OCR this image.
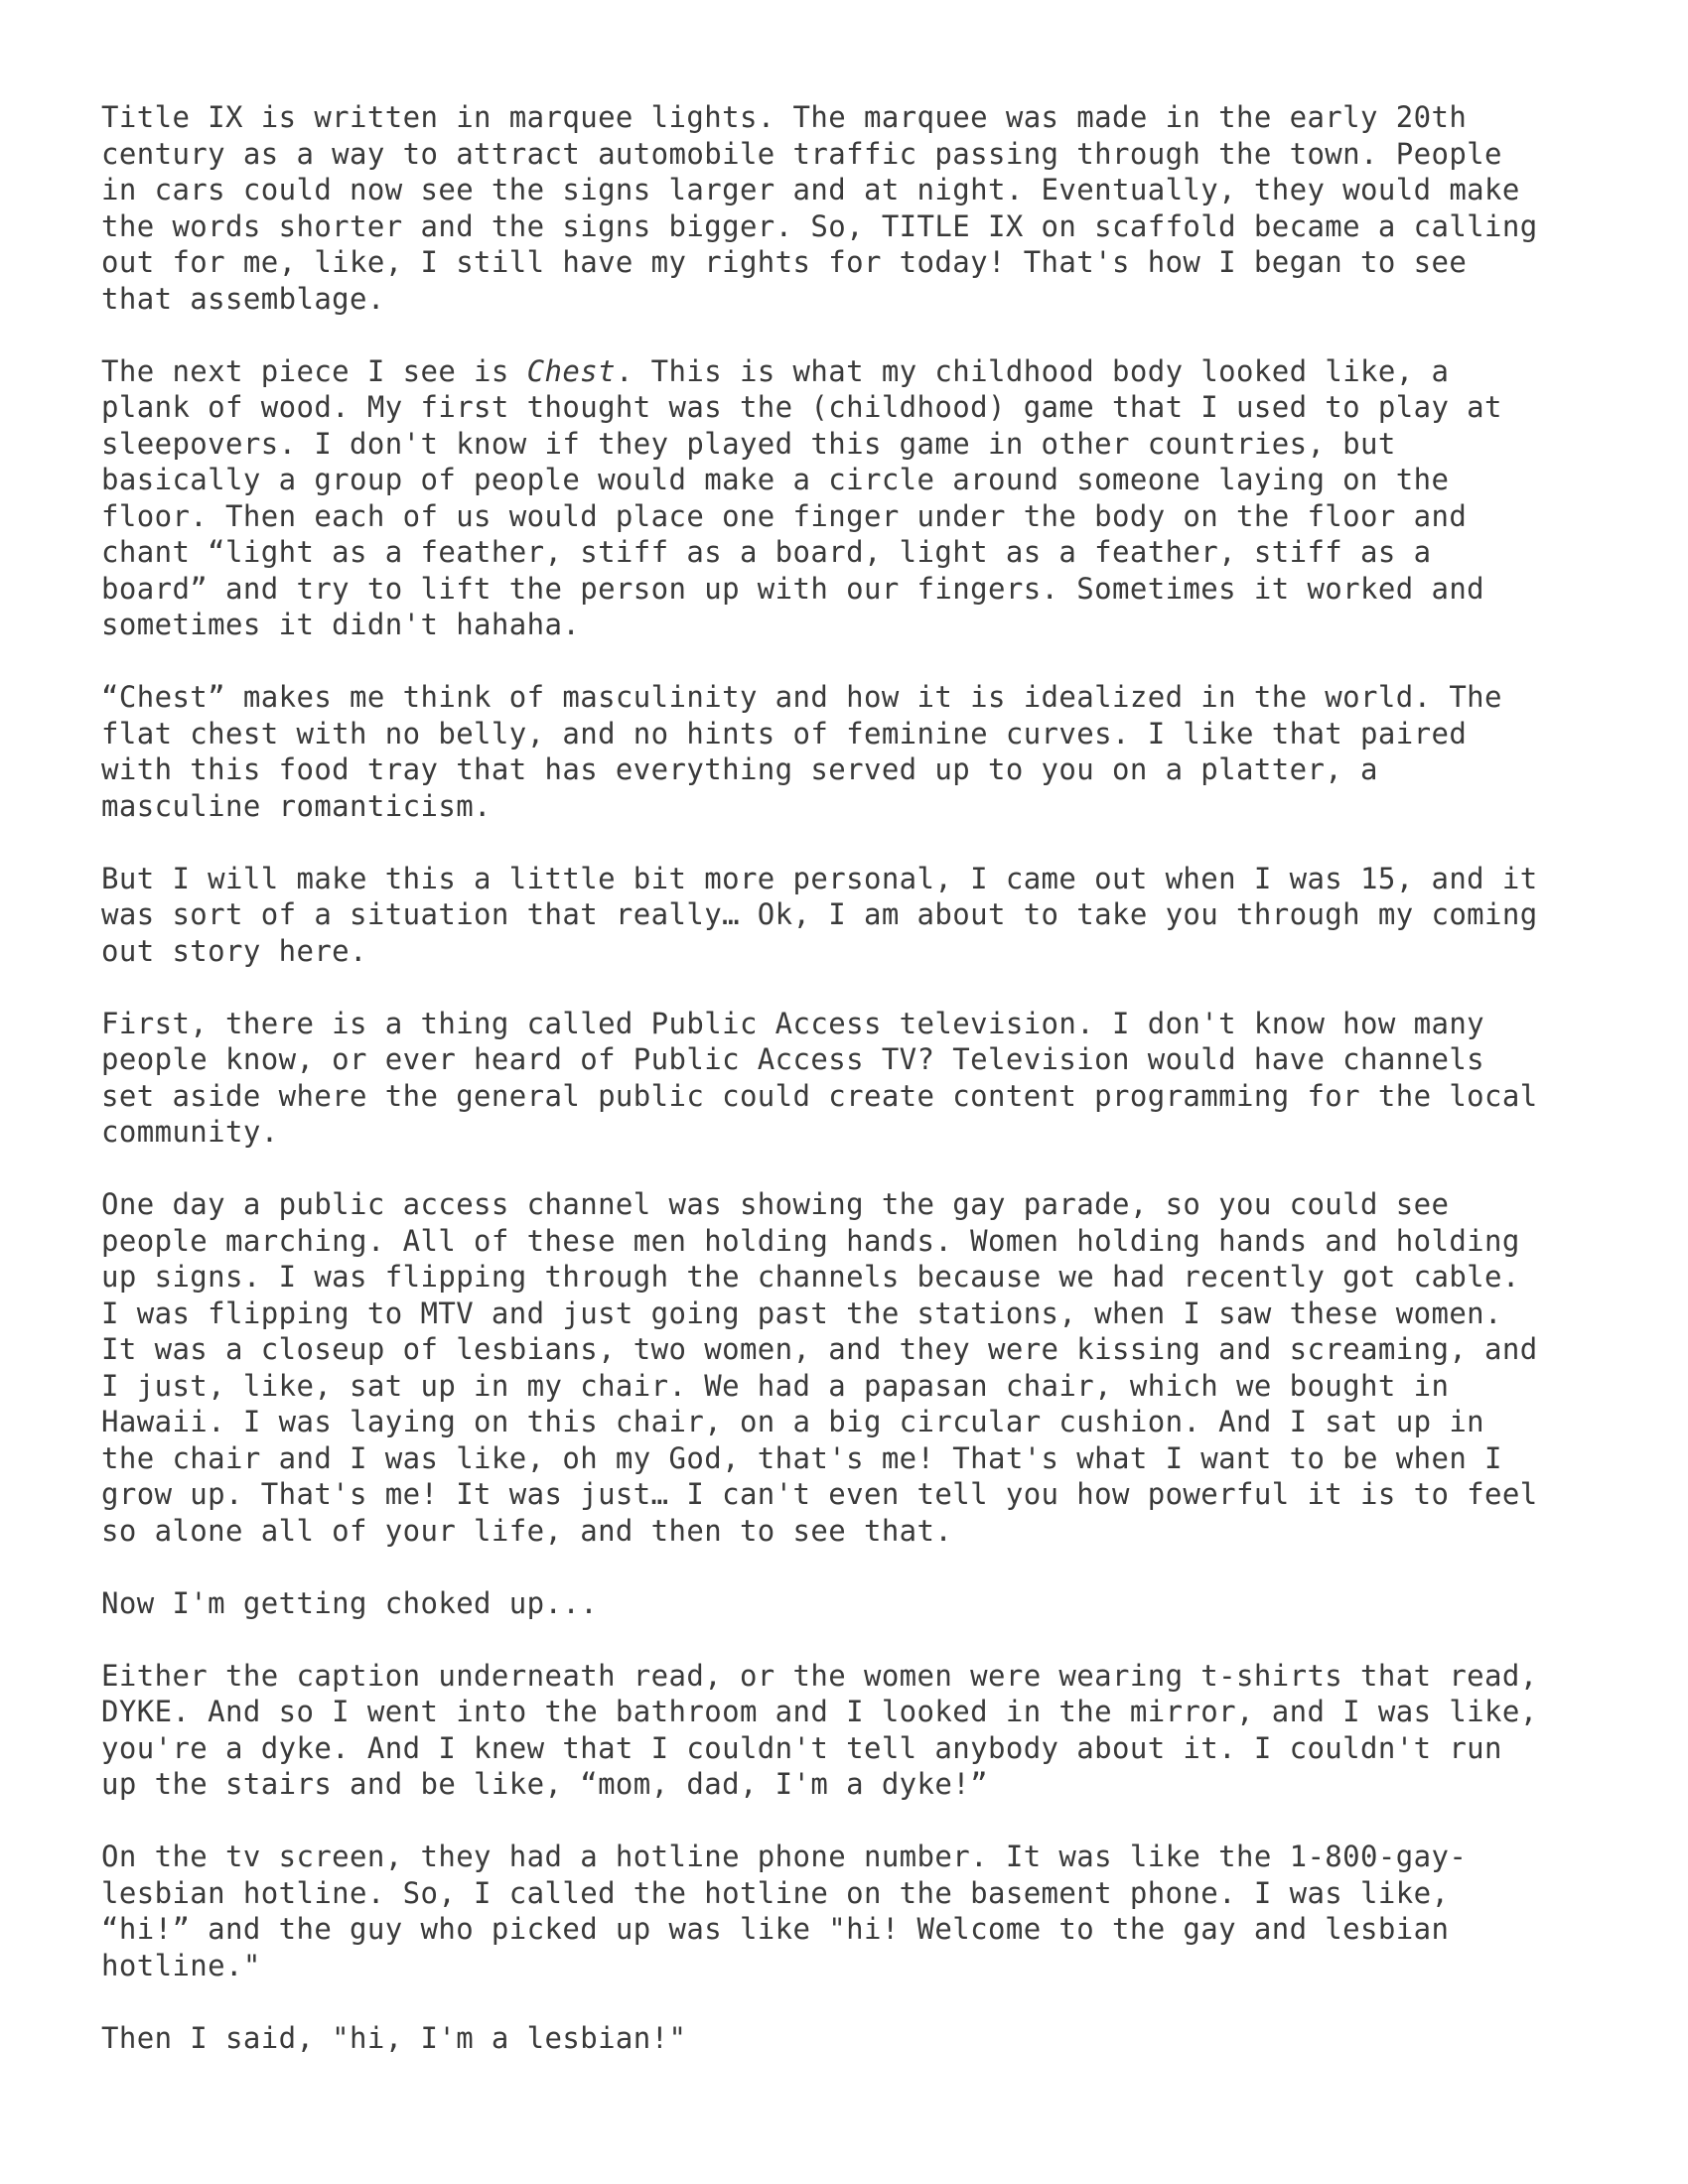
Title IX is written in marquee lights. The marquee was made in the early 20th
century as a way to attract automobile traffic passing through the town. People
in cars could now see the signs larger and at night. Eventually, they would make
the words shorter and the signs bigger. So, TITLE IX on scaffold became a calling
out for me, like, I still have my rights for today! That's how I began to see
that assemblage.

The next piece I see is Chest. This is what my childhood body looked like, a
plank of wood. My first thought was the (childhood) game that I used to play at
sleepovers. I don't know if they played this game in other countries, but
basically a group of people would make a circle around someone laying on the
floor. Then each of us would place one finger under the body on the floor and
chant “light as a feather, stiff as a board, light as a feather, stiff as a
board” and try to lift the person up with our fingers. Sometimes it worked and
sometimes it didn't hahaha.

“Chest” makes me think of masculinity and how it is idealized in the world. The
flat chest with no belly, and no hints of feminine curves. I like that paired
with this food tray that has everything served up to you on a platter, a
masculine romanticism.

But I will make this a little bit more personal, I came out when I was 15, and it
was sort of a situation that really… Ok, I am about to take you through my coming
out story here.

First, there is a thing called Public Access television. I don't know how many
people know, or ever heard of Public Access TV? Television would have channels
set aside where the general public could create content programming for the local
community.

One day a public access channel was showing the gay parade, so you could see
people marching. All of these men holding hands. Women holding hands and holding
up signs. I was flipping through the channels because we had recently got cable.
I was flipping to MTV and just going past the stations, when I saw these women.
It was a closeup of lesbians, two women, and they were kissing and screaming, and
I just, like, sat up in my chair. We had a papasan chair, which we bought in
Hawaii. I was laying on this chair, on a big circular cushion. And I sat up in
the chair and I was like, oh my God, that's me! That's what I want to be when I
grow up. That's me! It was just… I can't even tell you how powerful it is to feel
so alone all of your life, and then to see that.

Now I'm getting choked up...

Either the caption underneath read, or the women were wearing t-shirts that read,
DYKE. And so I went into the bathroom and I looked in the mirror, and I was like,
you're a dyke. And I knew that I couldn't tell anybody about it. I couldn't run
up the stairs and be like, “mom, dad, I'm a dyke!”

On the tv screen, they had a hotline phone number. It was like the 1-800-gay-
lesbian hotline. So, I called the hotline on the basement phone. I was like,
“hi!” and the guy who picked up was like "hi! Welcome to the gay and lesbian
hotline."

Then I said, "hi, I'm a lesbian!"
